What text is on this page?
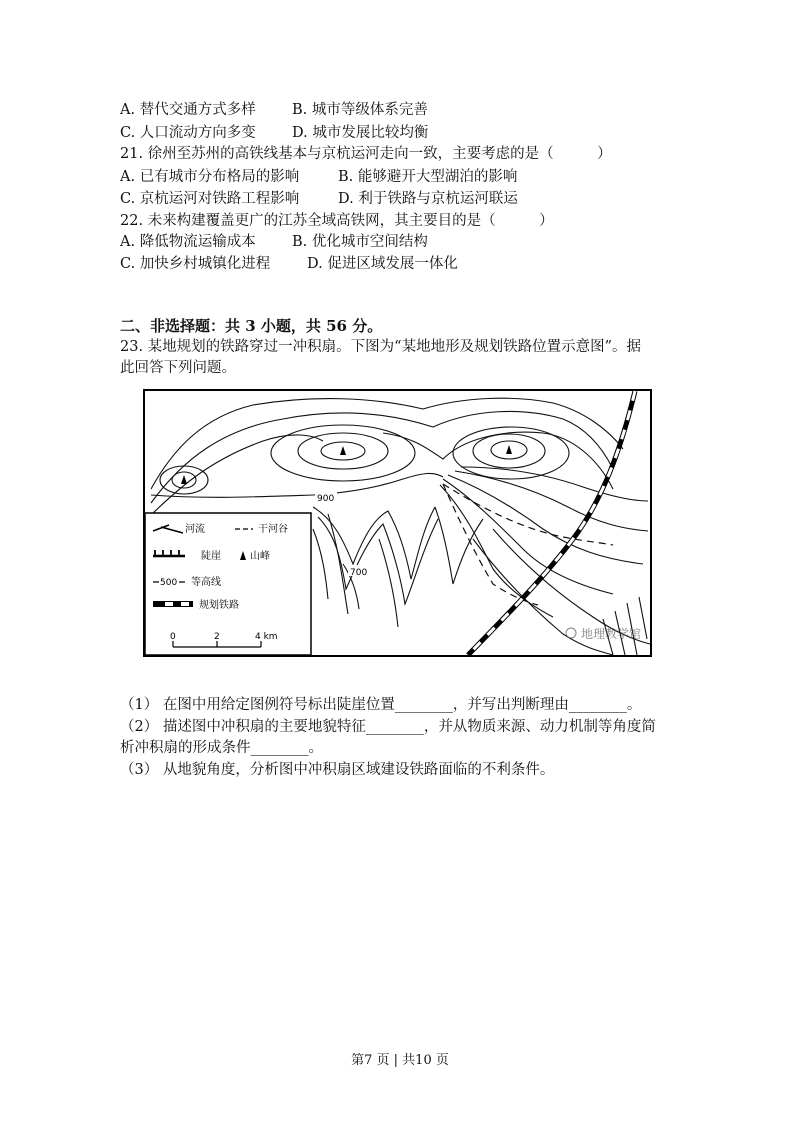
A. 替代交通方式多样	B. 城市等级体系完善
C. 人口流动方向多变 D. 城市发展比较均衡
21. 徐州至苏州的高铁线基本与京杭运河走向一致，主要考虑的是（　　　）
A. 已有城市分布格局的影响	B. 能够避开大型湖泊的影响
C. 京杭运河对铁路工程影响	D. 利于铁路与京杭运河联运
22. 未来构建覆盖更广的江苏全域高铁网，其主要目的是（　　　）
A. 降低物流运输成本	B. 优化城市空间结构
C. 加快乡村城镇化进程	D. 促进区域发展一体化
二、非选择题：共 3 小题，共 56 分。
23. 某地规划的铁路穿过一冲积扇。下图为“某地地形及规划铁路位置示意图”。据
此回答下列问题。
900
700
河流	干河谷
陡崖	山峰
500 等高线
规划铁路
0	2	4 km	地理教学馆
（1） 在图中用给定图例符号标出陡崖位置________，并写出判断理由________。
（2） 描述图中冲积扇的主要地貌特征________，并从物质来源、动力机制等角度简
析冲积扇的形成条件________。
（3） 从地貌角度，分析图中冲积扇区域建设铁路面临的不利条件。
第7 页 | 共10 页
